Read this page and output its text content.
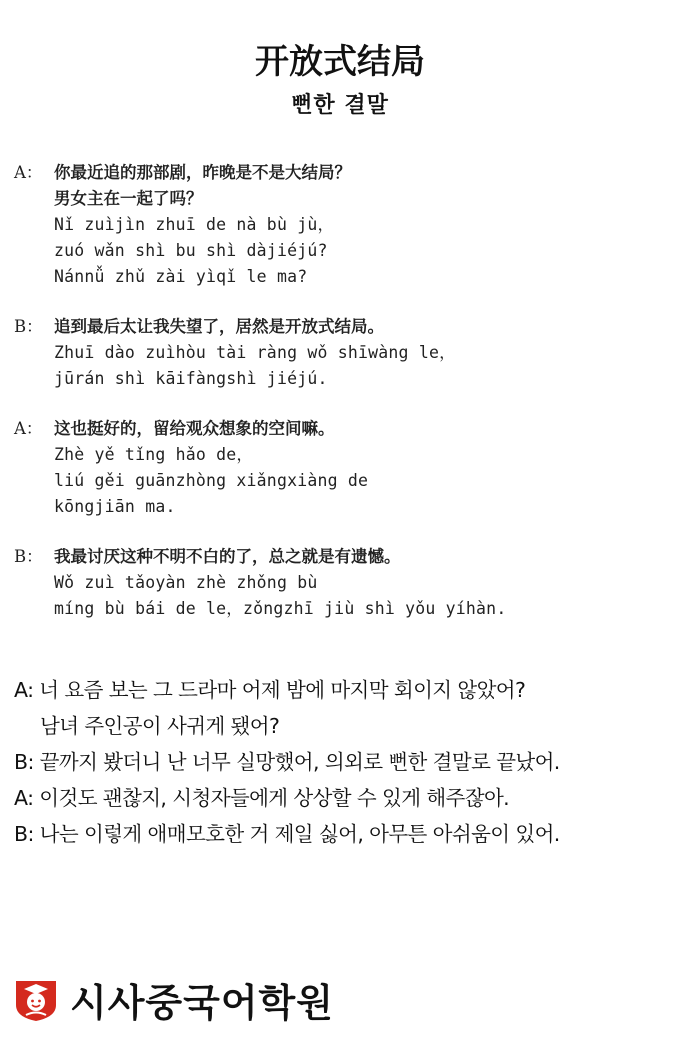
开放式结局
뻔한 결말
A： 你最近追的那部剧，昨晚是不是大结局？
男女主在一起了吗？
Nǐ zuìjìn zhuī de nà bù jù，
zuó wǎn shì bu shì dàjiéjú?
Nánnǚ zhǔ zài yìqǐ le ma?
B： 追到最后太让我失望了，居然是开放式结局。
Zhuī dào zuìhòu tài ràng wǒ shīwàng le，
jūrán shì kāifàngshì jiéjú.
A： 这也挺好的，留给观众想象的空间嘛。
Zhè yě tǐng hǎo de，
liú gěi guānzhòng xiǎngxiàng de
kōngjiān ma.
B： 我最讨厌这种不明不白的了，总之就是有遗憾。
Wǒ zuì tǎoyàn zhè zhǒng bù
míng bù bái de le，zǒngzhī jiù shì yǒu yíhàn.
A: 너 요즘 보는 그 드라마 어제 밤에 마지막 회이지 않았어?
남녀 주인공이 사귀게 됐어?
B: 끝까지 봤더니 난 너무 실망했어, 의외로 뻔한 결말로 끝났어.
A: 이것도 괜찮지, 시청자들에게 상상할 수 있게 해주잖아.
B: 나는 이렇게 애매모호한 거 제일 싫어, 아무튼 아쉬움이 있어.
시사중국어학원
